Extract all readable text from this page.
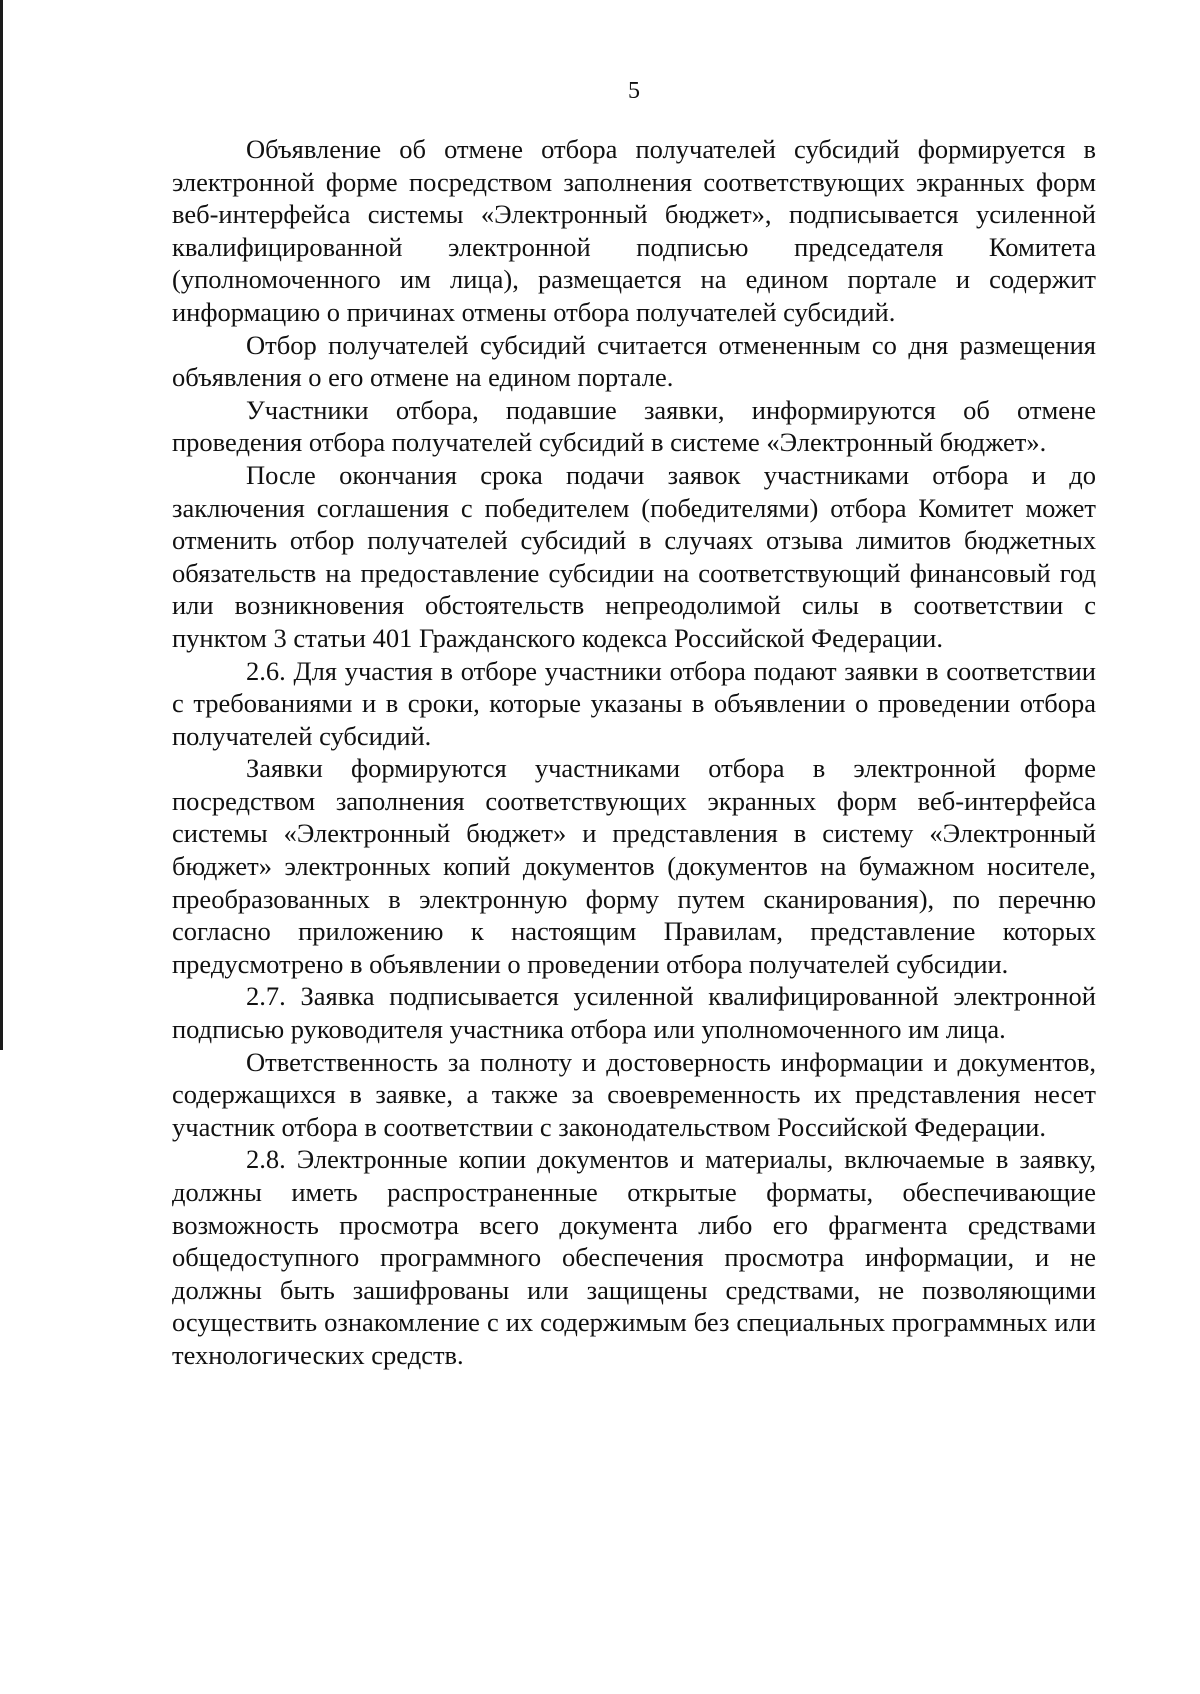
5

Объявление об отмене отбора получателей субсидий формируется в электронной форме посредством заполнения соответствующих экранных форм веб-интерфейса системы «Электронный бюджет», подписывается усиленной квалифицированной электронной подписью председателя Комитета (уполномоченного им лица), размещается на едином портале и содержит информацию о причинах отмены отбора получателей субсидий.

Отбор получателей субсидий считается отмененным со дня размещения объявления о его отмене на едином портале.

Участники отбора, подавшие заявки, информируются об отмене проведения отбора получателей субсидий в системе «Электронный бюджет».

После окончания срока подачи заявок участниками отбора и до заключения соглашения с победителем (победителями) отбора Комитет может отменить отбор получателей субсидий в случаях отзыва лимитов бюджетных обязательств на предоставление субсидии на соответствующий финансовый год или возникновения обстоятельств непреодолимой силы в соответствии с пунктом 3 статьи 401 Гражданского кодекса Российской Федерации.

2.6. Для участия в отборе участники отбора подают заявки в соответствии с требованиями и в сроки, которые указаны в объявлении о проведении отбора получателей субсидий.

Заявки формируются участниками отбора в электронной форме посредством заполнения соответствующих экранных форм веб-интерфейса системы «Электронный бюджет» и представления в систему «Электронный бюджет» электронных копий документов (документов на бумажном носителе, преобразованных в электронную форму путем сканирования), по перечню согласно приложению к настоящим Правилам, представление которых предусмотрено в объявлении о проведении отбора получателей субсидии.

2.7. Заявка подписывается усиленной квалифицированной электронной подписью руководителя участника отбора или уполномоченного им лица.

Ответственность за полноту и достоверность информации и документов, содержащихся в заявке, а также за своевременность их представления несет участник отбора в соответствии с законодательством Российской Федерации.

2.8. Электронные копии документов и материалы, включаемые в заявку, должны иметь распространенные открытые форматы, обеспечивающие возможность просмотра всего документа либо его фрагмента средствами общедоступного программного обеспечения просмотра информации, и не должны быть зашифрованы или защищены средствами, не позволяющими осуществить ознакомление с их содержимым без специальных программных или технологических средств.
